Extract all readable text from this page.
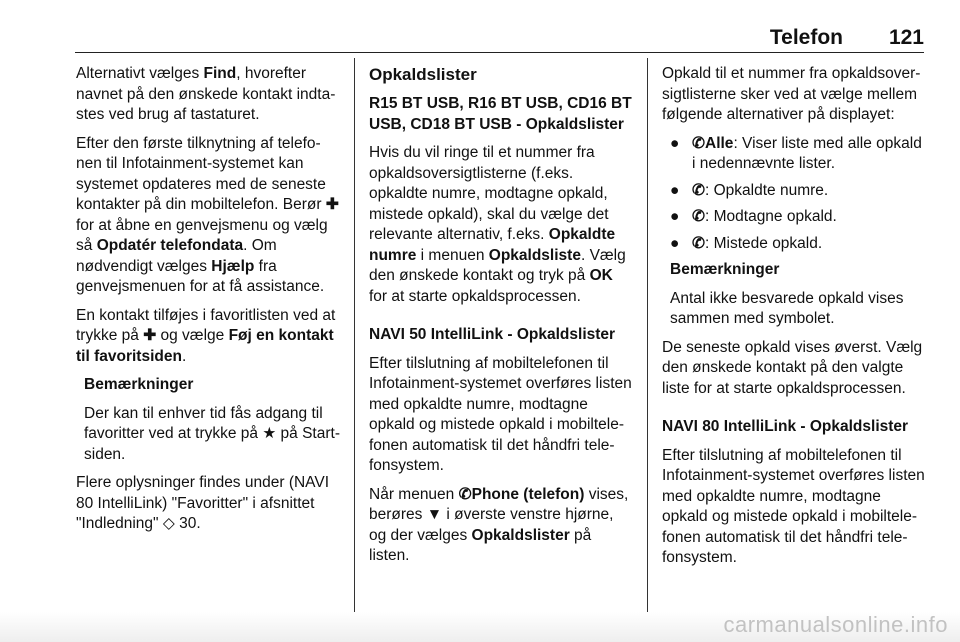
Telefon 121

Alternativt vælges Find, hvorefter navnet på den ønskede kontakt indta-stes ved brug af tastaturet.

Efter den første tilknytning af telefo-nen til Infotainment-systemet kan systemet opdateres med de seneste kontakter på din mobiltelefon. Berør ✚ for at åbne en genvejsmenu og vælg så Opdatér telefondata. Om nødvendigt vælges Hjælp fra genvejsmenuen for at få assistance.

En kontakt tilføjes i favoritlisten ved at trykke på ✚ og vælge Føj en kontakt til favoritsiden.

Bemærkninger

Der kan til enhver tid fås adgang til favoritter ved at trykke på ★ på Start-siden.

Flere oplysninger findes under (NAVI 80 IntelliLink) "Favoritter" i afsnittet "Indledning" ◇ 30.

Opkaldslister

R15 BT USB, R16 BT USB, CD16 BT USB, CD18 BT USB - Opkaldslister

Hvis du vil ringe til et nummer fra opkaldsoversigtlisterne (f.eks. opkaldte numre, modtagne opkald, mistede opkald), skal du vælge det relevante alternativ, f.eks. Opkaldte numre i menuen Opkaldsliste. Vælg den ønskede kontakt og tryk på OK for at starte opkaldsprocessen.

NAVI 50 IntelliLink - Opkaldslister

Efter tilslutning af mobiltelefonen til Infotainment-systemet overføres listen med opkaldte numre, modtagne opkald og mistede opkald i mobiltele-fonen automatisk til det håndfri tele-fonsystem.

Når menuen ✆Phone (telefon) vises, berøres ▼ i øverste venstre hjørne, og der vælges Opkaldslister på listen.

Opkald til et nummer fra opkaldsover-sigtlisterne sker ved at vælge mellem følgende alternativer på displayet:

● ✆Alle: Viser liste med alle opkald i nedennævnte lister.
● ✆: Opkaldte numre.
● ✆: Modtagne opkald.
● ✆: Mistede opkald.

Bemærkninger

Antal ikke besvarede opkald vises sammen med symbolet.

De seneste opkald vises øverst. Vælg den ønskede kontakt på den valgte liste for at starte opkaldsprocessen.

NAVI 80 IntelliLink - Opkaldslister

Efter tilslutning af mobiltelefonen til Infotainment-systemet overføres listen med opkaldte numre, modtagne opkald og mistede opkald i mobiltele-fonen automatisk til det håndfri tele-fonsystem.

carmanualsonline.info
